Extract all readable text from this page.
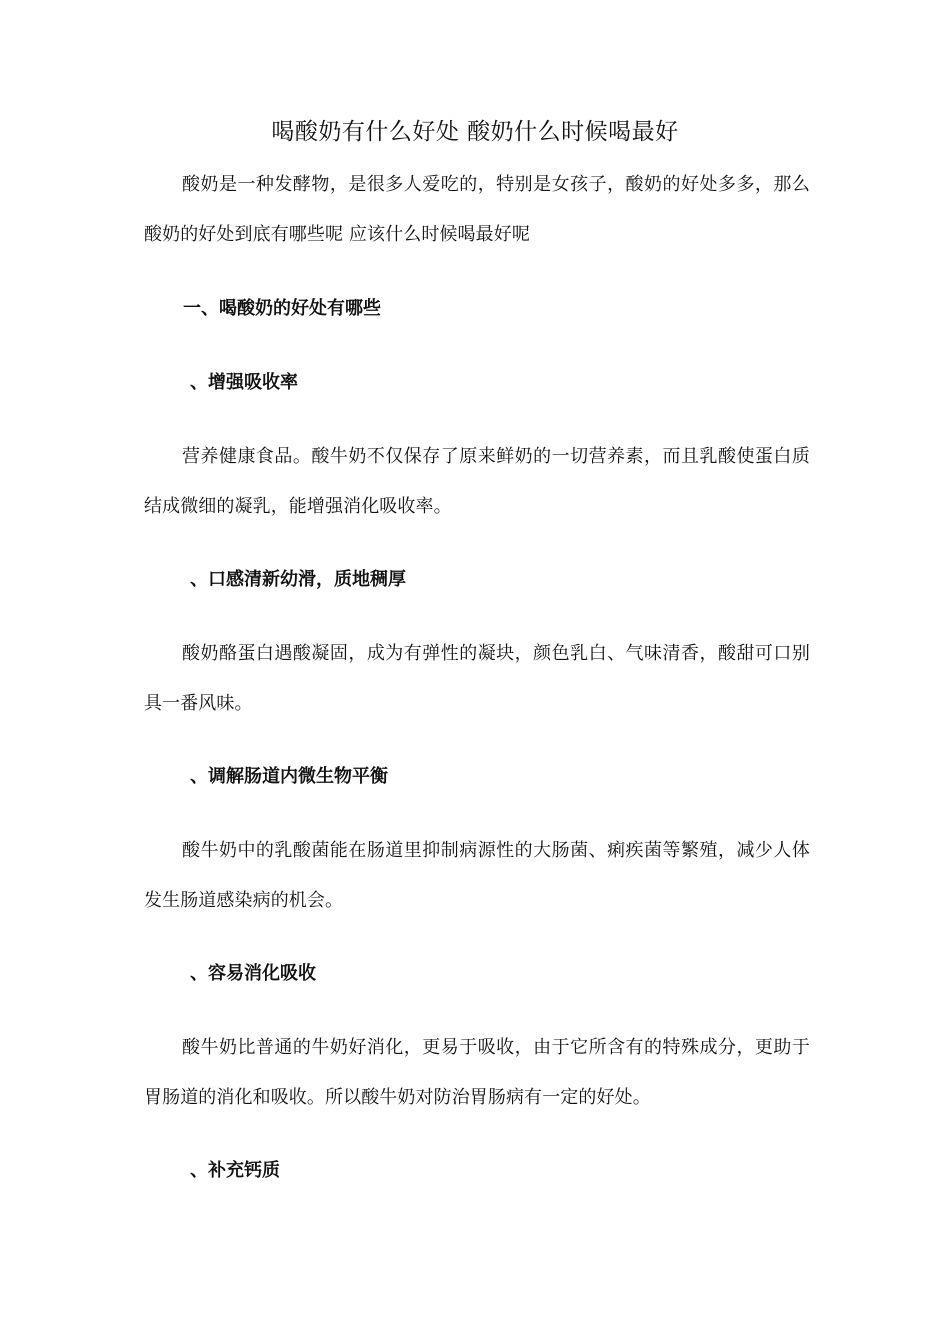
喝酸奶有什么好处 酸奶什么时候喝最好
酸奶是一种发酵物，是很多人爱吃的，特别是女孩子，酸奶的好处多多，那么酸奶的好处到底有哪些呢 应该什么时候喝最好呢
一、喝酸奶的好处有哪些
、增强吸收率
营养健康食品。酸牛奶不仅保存了原来鲜奶的一切营养素，而且乳酸使蛋白质结成微细的凝乳，能增强消化吸收率。
、口感清新幼滑，质地稠厚
酸奶酪蛋白遇酸凝固，成为有弹性的凝块，颜色乳白、气味清香，酸甜可口别具一番风味。
、调解肠道内微生物平衡
酸牛奶中的乳酸菌能在肠道里抑制病源性的大肠菌、痢疾菌等繁殖，减少人体发生肠道感染病的机会。
、容易消化吸收
酸牛奶比普通的牛奶好消化，更易于吸收，由于它所含有的特殊成分，更助于胃肠道的消化和吸收。所以酸牛奶对防治胃肠病有一定的好处。
、补充钙质
